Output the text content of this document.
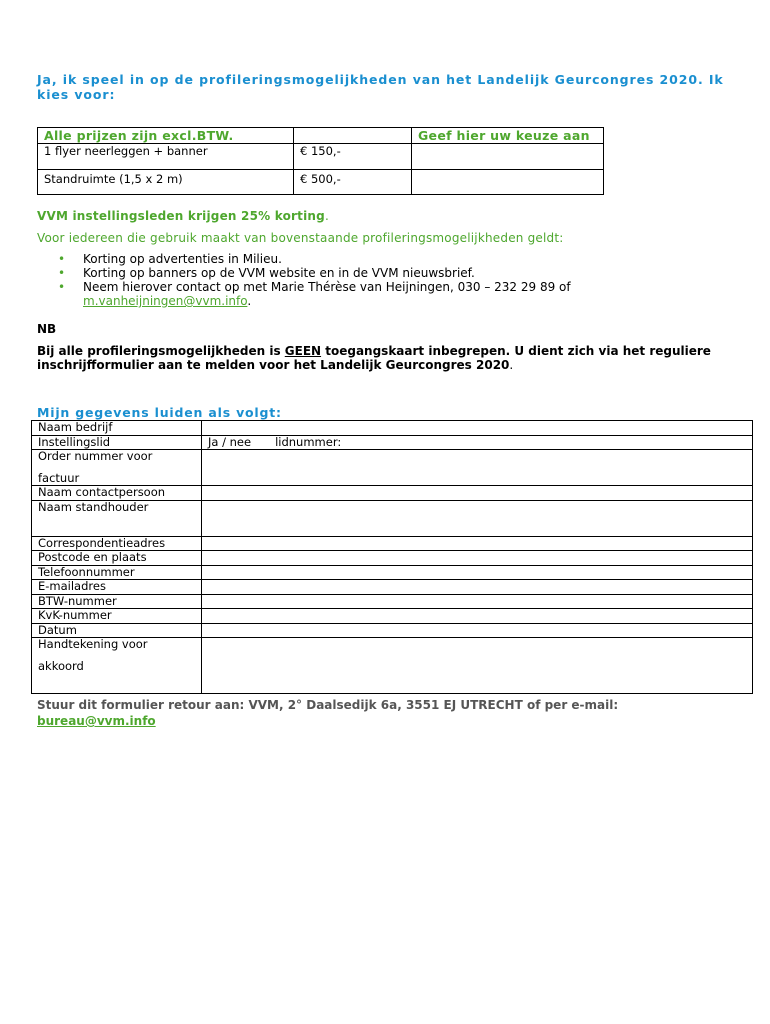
Ja, ik speel in op de profileringsmogelijkheden van het Landelijk Geurcongres 2020. Ik kies voor:
Alle prijzen zijn excl.BTW.		Geef hier uw keuze aan
1 flyer neerleggen + banner	€ 150,-	
Standruimte (1,5 x 2 m)	€ 500,-	
VVM instellingsleden krijgen 25% korting.
Voor iedereen die gebruik maakt van bovenstaande profileringsmogelijkheden geldt:
• Korting op advertenties in Milieu.
• Korting op banners op de VVM website en in de VVM nieuwsbrief.
• Neem hierover contact op met Marie Thérèse van Heijningen, 030 – 232 29 89 of
m.vanheijningen@vvm.info.
NB
Bij alle profileringsmogelijkheden is GEEN toegangskaart inbegrepen. U dient zich via het reguliere inschrijfformulier aan te melden voor het Landelijk Geurcongres 2020.
Mijn gegevens luiden als volgt:
Naam bedrijf	
Instellingslid	Ja / nee lidnummer:
Order nummer voor
factuur	
Naam contactpersoon	
Naam standhouder	
Correspondentieadres	
Postcode en plaats	
Telefoonnummer	
E-mailadres	
BTW-nummer	
KvK-nummer	
Datum	
Handtekening voor
akkoord	
Stuur dit formulier retour aan: VVM, 2° Daalsedijk 6a, 3551 EJ UTRECHT of per e-mail:
bureau@vvm.info
